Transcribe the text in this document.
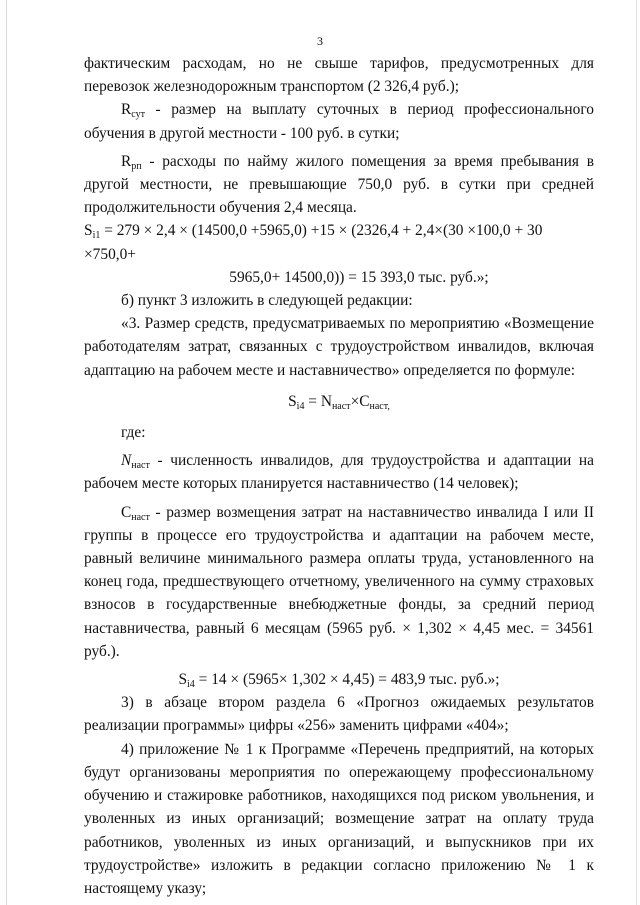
3

фактическим расходам, но не свыше тарифов, предусмотренных для перевозок железнодорожным транспортом (2 326,4 руб.);

$R_{сут}$ - размер на выплату суточных в период профессионального обучения в другой местности - 100 руб. в сутки;

$R_{рп}$ - расходы по найму жилого помещения за время пребывания в другой местности, не превышающие 750,0 руб. в сутки при средней продолжительности обучения 2,4 месяца.

$S_{i1} = 279 \times 2,4 \times (14500,0 +5965,0) +15 \times (2326,4 + 2,4\times(30 \times 100,0 + 30 \times 750,0+$

5965,0+ 14500,0)) = 15 393,0 тыс. руб.»;

б) пункт 3 изложить в следующей редакции:

«3. Размер средств, предусматриваемых по мероприятию «Возмещение работодателям затрат, связанных с трудоустройством инвалидов, включая адаптацию на рабочем месте и наставничество» определяется по формуле:

$S_{i4} = N_{наст}\times C_{наст,}$

где:

$N_{наст}$ - численность инвалидов, для трудоустройства и адаптации на рабочем месте которых планируется наставничество (14 человек);

$C_{наст}$ - размер возмещения затрат на наставничество инвалида I или II группы в процессе его трудоустройства и адаптации на рабочем месте, равный величине минимального размера оплаты труда, установленного на конец года, предшествующего отчетному, увеличенного на сумму страховых взносов в государственные внебюджетные фонды, за средний период наставничества, равный 6 месяцам (5965 руб. × 1,302 × 4,45 мес. = 34561 руб.).

$S_{i4} = 14 \times (5965\times 1,302 \times 4,45) = 483,9$ тыс. руб.»;

3) в абзаце втором раздела 6 «Прогноз ожидаемых результатов реализации программы» цифры «256» заменить цифрами «404»;

4) приложение № 1 к Программе «Перечень предприятий, на которых будут организованы мероприятия по опережающему профессиональному обучению и стажировке работников, находящихся под риском увольнения, и уволенных из иных организаций; возмещение затрат на оплату труда работников, уволенных из иных организаций, и выпускников при их трудоустройстве» изложить в редакции согласно приложению № 1 к настоящему указу;
